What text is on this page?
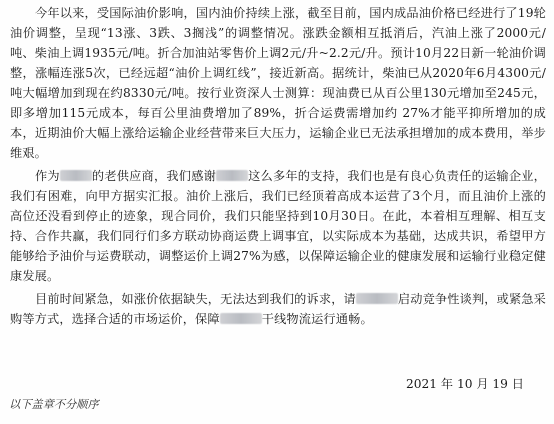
今年以来，受国际油价影响，国内油价持续上涨，截至目前，国内成品油价格已经进行了19轮油价调整，呈现“13涨、3跌、3搁浅”的调整情况。涨跌金额相互抵消后，汽油上涨了2000元/吨、柴油上调1935元/吨。折合加油站零售价上调2元/升~2.2元/升。预计10月22日新一轮油价调整，涨幅连涨5次，已经远超“油价上调红线”，接近新高。据统计，柴油已从2020年6月4300元/吨大幅增加到现在约8330元/吨。按行业资深人士测算：现油费已从百公里130元增加至245元，即多增加115元成本，每百公里油费增加了89%，折合运费需增加约 27%才能平抑所增加的成本，近期油价大幅上涨给运输企业经营带来巨大压力，运输企业已无法承担增加的成本费用，举步维艰。

作为	的老供应商，我们感谢	这么多年的支持，我们也是有良心负责任的运输企业，我们有困难，向甲方据实汇报。油价上涨后，我们已经顶着高成本运营了3个月，而且油价上涨的高位还没看到停止的迹象，现合同价，我们只能坚持到10月30日。在此，本着相互理解、相互支持、合作共赢，我们同行们多方联动协商运费上调事宜，以实际成本为基础，达成共识，希望甲方能够给予油价与运费联动，调整运价上调27%为感，以保障运输企业的健康发展和运输行业稳定健康发展。

目前时间紧急，如涨价依据缺失，无法达到我们的诉求，请	启动竞争性谈判，或紧急采购等方式，选择合适的市场运价，保障	干线物流运行通畅。

2021 年 10 月 19 日
以下盖章不分顺序
